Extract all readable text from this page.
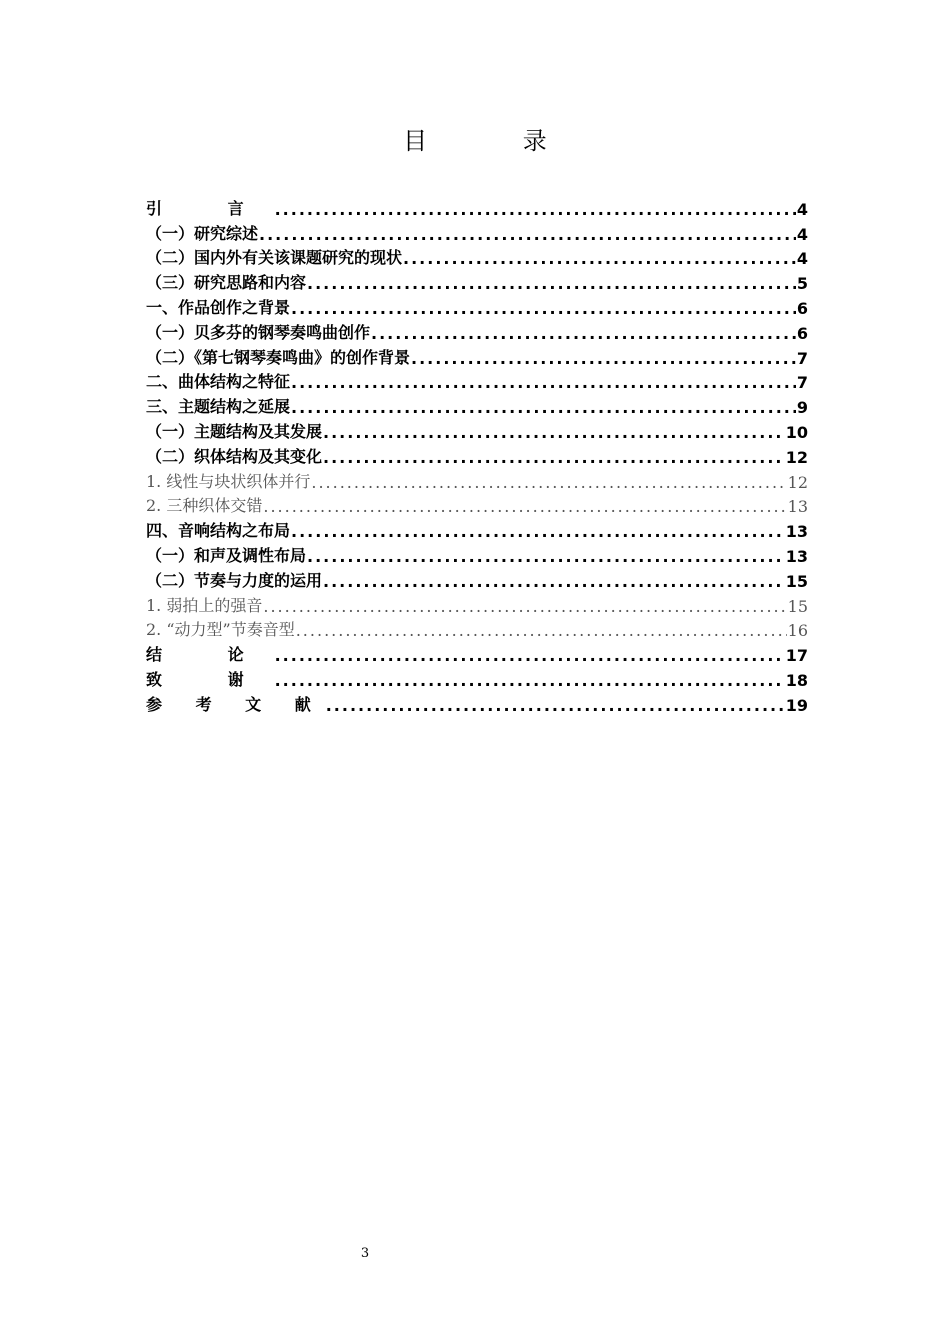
目 录
引 言 .....	4
（一）研究综述 .....	4
（二）国内外有关该课题研究的现状 .....	4
（三）研究思路和内容 .....	5
一、作品创作之背景 .....	6
（一）贝多芬的钢琴奏鸣曲创作 .....	6
（二）《第七钢琴奏鸣曲》的创作背景 .....	7
二、曲体结构之特征 .....	7
三、主题结构之延展 .....	9
（一）主题结构及其发展 .....	10
（二）织体结构及其变化 .....	12
1. 线性与块状织体并行 .....	12
2. 三种织体交错 .....	13
四、音响结构之布局 .....	13
（一）和声及调性布局 .....	13
（二）节奏与力度的运用 .....	15
1. 弱拍上的强音 .....	15
2. “动力型”节奏音型 .....	16
结 论 .....	17
致 谢 .....	18
参 考 文 献 .....	19
3
